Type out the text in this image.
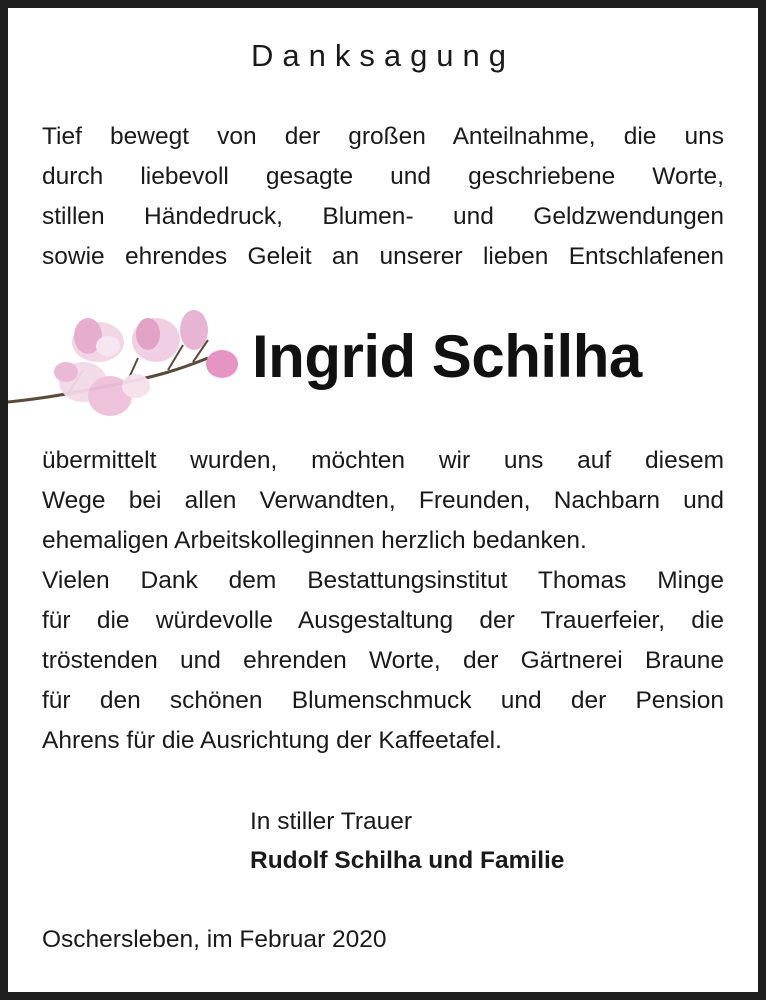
Danksagung
Tief bewegt von der großen Anteilnahme, die uns
durch liebevoll gesagte und geschriebene Worte,
stillen Händedruck, Blumen- und Geldzwendungen
sowie ehrendes Geleit an unserer lieben Entschlafenen
Ingrid Schilha
übermittelt wurden, möchten wir uns auf diesem
Wege bei allen Verwandten, Freunden, Nachbarn und
ehemaligen Arbeitskolleginnen herzlich bedanken.
Vielen Dank dem Bestattungsinstitut Thomas Minge
für die würdevolle Ausgestaltung der Trauerfeier, die
tröstenden und ehrenden Worte, der Gärtnerei Braune
für den schönen Blumenschmuck und der Pension
Ahrens für die Ausrichtung der Kaffeetafel.
In stiller Trauer
Rudolf Schilha und Familie
Oschersleben, im Februar 2020
